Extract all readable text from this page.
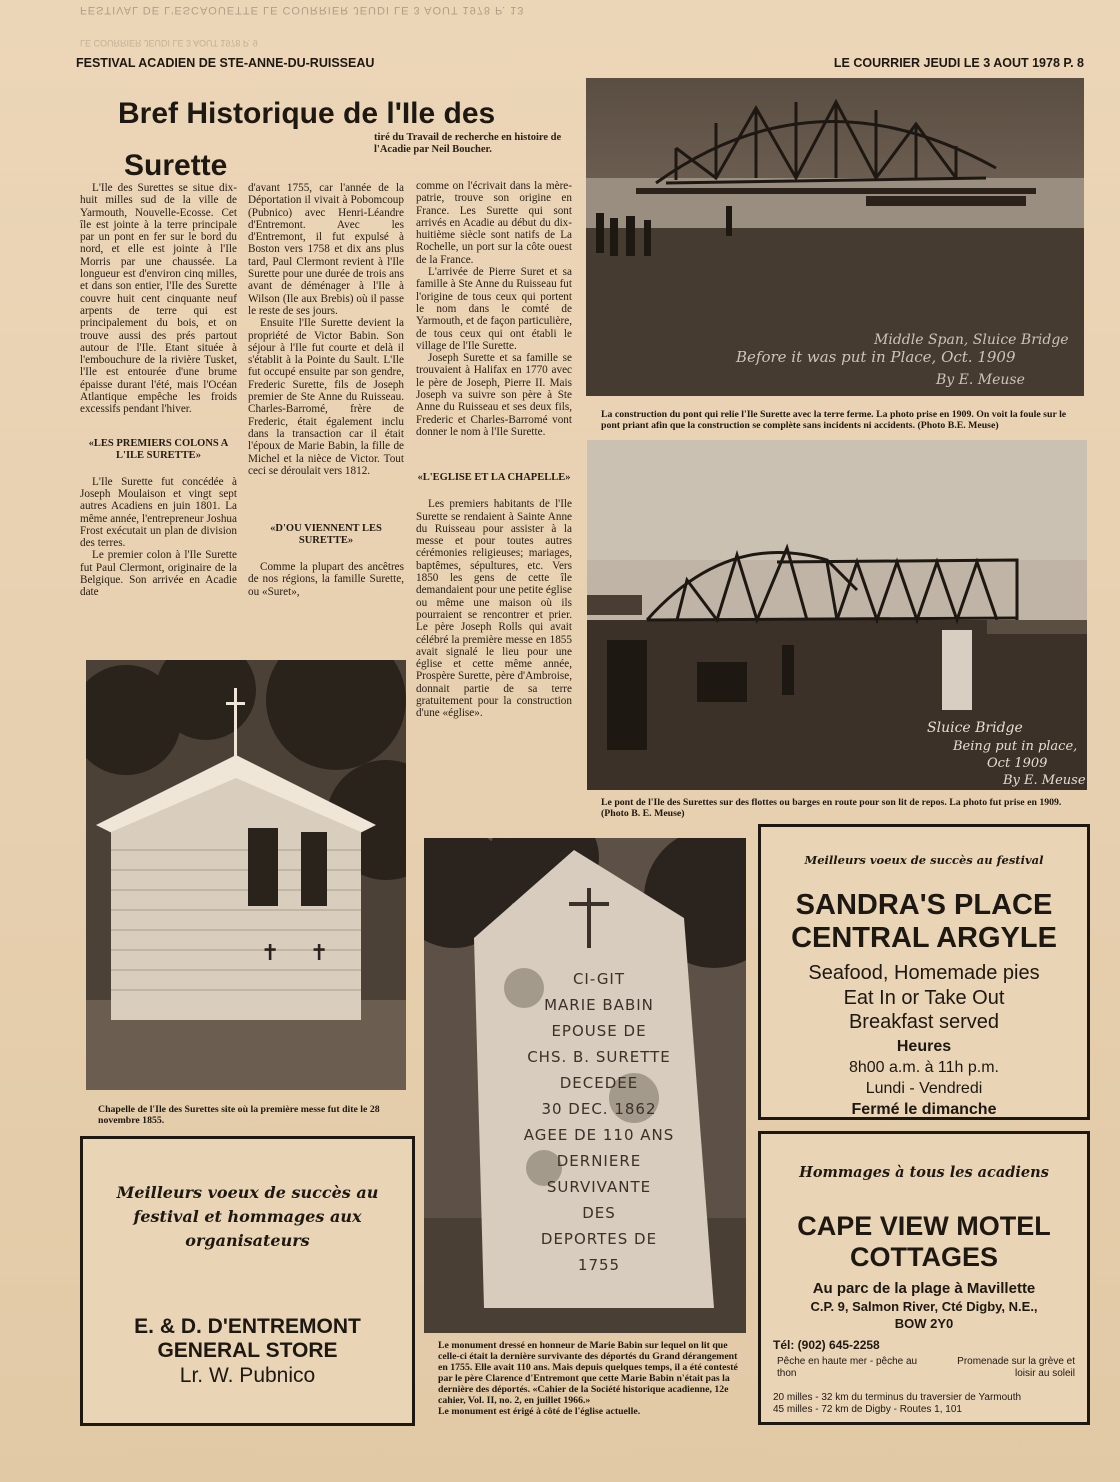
FESTIVAL DE L'ESCAOUETTE LE COURRIER JEUDI LE 3 AOUT 1978 P. 13
LE COURRIER JEUDI LE 3 AOUT 1978 P. 9
FESTIVAL ACADIEN DE STE-ANNE-DU-RUISSEAU	LE COURRIER JEUDI LE 3 AOUT 1978 P. 8
Bref Historique de l'Ile des
Surette
tiré du Travail de recherche en histoire de l'Acadie par Neil Boucher.

L'Ile des Surettes se situe dix-huit milles sud de la ville de Yarmouth, Nouvelle-Ecosse. Cet île est jointe à la terre principale par un pont en fer sur le bord du nord, et elle est jointe à l'Ile Morris par une chaussée. La longueur est d'environ cinq milles, et dans son entier, l'Ile des Surette couvre huit cent cinquante neuf arpents de terre qui est principalement du bois, et on trouve aussi des prés partout autour de l'Ile. Etant située à l'embouchure de la rivière Tusket, l'Ile est entourée d'une brume épaisse durant l'été, mais l'Océan Atlantique empêche les froids excessifs pendant l'hiver.

«LES PREMIERS COLONS A L'ILE SURETTE»

L'Ile Surette fut concédée à Joseph Moulaison et vingt sept autres Acadiens en juin 1801. La même année, l'entrepreneur Joshua Frost exécutait un plan de division des terres.

Le premier colon à l'Ile Surette fut Paul Clermont, originaire de la Belgique. Son arrivée en Acadie date

d'avant 1755, car l'année de la Déportation il vivait à Pobomcoup (Pubnico) avec Henri-Léandre d'Entremont. Avec les d'Entremont, il fut expulsé à Boston vers 1758 et dix ans plus tard, Paul Clermont revient à l'Ile Surette pour une durée de trois ans avant de déménager à l'Ile à Wilson (Ile aux Brebis) où il passe le reste de ses jours.

Ensuite l'Ile Surette devient la propriété de Victor Babin. Son séjour à l'Ile fut courte et delà il s'établit à la Pointe du Sault. L'Ile fut occupé ensuite par son gendre, Frederic Surette, fils de Joseph premier de Ste Anne du Ruisseau. Charles-Barromé, frère de Frederic, était également inclu dans la transaction car il était l'époux de Marie Babin, la fille de Michel et la nièce de Victor. Tout ceci se déroulait vers 1812.

«D'OU VIENNENT LES SURETTE»

Comme la plupart des ancêtres de nos régions, la famille Surette, ou «Suret»,

comme on l'écrivait dans la mère-patrie, trouve son origine en France. Les Surette qui sont arrivés en Acadie au début du dix-huitième siècle sont natifs de La Rochelle, un port sur la côte ouest de la France.

L'arrivée de Pierre Suret et sa famille à Ste Anne du Ruisseau fut l'origine de tous ceux qui portent le nom dans le comté de Yarmouth, et de façon particulière, de tous ceux qui ont établi le village de l'Ile Surette.

Joseph Surette et sa famille se trouvaient à Halifax en 1770 avec le père de Joseph, Pierre II. Mais Joseph va suivre son père à Ste Anne du Ruisseau et ses deux fils, Frederic et Charles-Barromé vont donner le nom à l'Ile Surette.

«L'EGLISE ET LA CHAPELLE»

Les premiers habitants de l'Ile Surette se rendaient à Sainte Anne du Ruisseau pour assister à la messe et pour toutes autres cérémonies religieuses; mariages, baptêmes, sépultures, etc. Vers 1850 les gens de cette île demandaient pour une petite église ou même une maison où ils pourraient se rencontrer et prier. Le père Joseph Rolls qui avait célébré la première messe en 1855 avait signalé le lieu pour une église et cette même année, Prospère Surette, père d'Ambroise, donnait partie de sa terre gratuitement pour la construction d'une «église».

Middle Span, Sluice Bridge
Before it was put in Place, Oct. 1909
By E. Meuse
La construction du pont qui relie l'Ile Surette avec la terre ferme. La photo prise en 1909. On voit la foule sur le pont priant afin que la construction se complète sans incidents ni accidents. (Photo B.E. Meuse)
Sluice Bridge
Being put in place,
Oct 1909
By E. Meuse
Le pont de l'Ile des Surettes sur des flottes ou barges en route pour son lit de repos. La photo fut prise en 1909. (Photo B. E. Meuse)
✝ ✝
Chapelle de l'Ile des Surettes site où la première messe fut dite le 28 novembre 1855.
CI-GIT
MARIE BABIN
EPOUSE DE
CHS. B. SURETTE
DECEDEE
30 DEC. 1862
AGEE DE 110 ANS
DERNIERE
SURVIVANTE
DES
DEPORTES DE
1755
Le monument dressé en honneur de Marie Babin sur lequel on lit que celle-ci était la dernière survivante des déportés du Grand dérangement en 1755. Elle avait 110 ans. Mais depuis quelques temps, il a été contesté par le père Clarence d'Entremont que cette Marie Babin n'était pas la dernière des déportés. «Cahier de la Société historique acadienne, 12e cahier, Vol. II, no. 2, en juillet 1966.»
Le monument est érigé à côté de l'église actuelle.
Meilleurs voeux de succès au festival et hommages aux organisateurs
E. & D. D'ENTREMONT
GENERAL STORE
Lr. W. Pubnico
Meilleurs voeux de succès au festival
SANDRA'S PLACE
CENTRAL ARGYLE
Seafood, Homemade pies
Eat In or Take Out
Breakfast served
Heures
8h00 a.m. à 11h p.m.
Lundi - Vendredi
Fermé le dimanche
Hommages à tous les acadiens
CAPE VIEW MOTEL
COTTAGES
Au parc de la plage à Mavillette
C.P. 9, Salmon River, Cté Digby, N.E.,
BOW 2Y0
Tél: (902) 645-2258
Pêche en haute mer - pêche au thon
Promenade sur la grève et loisir au soleil
20 milles - 32 km du terminus du traversier de Yarmouth
45 milles - 72 km de Digby - Routes 1, 101
